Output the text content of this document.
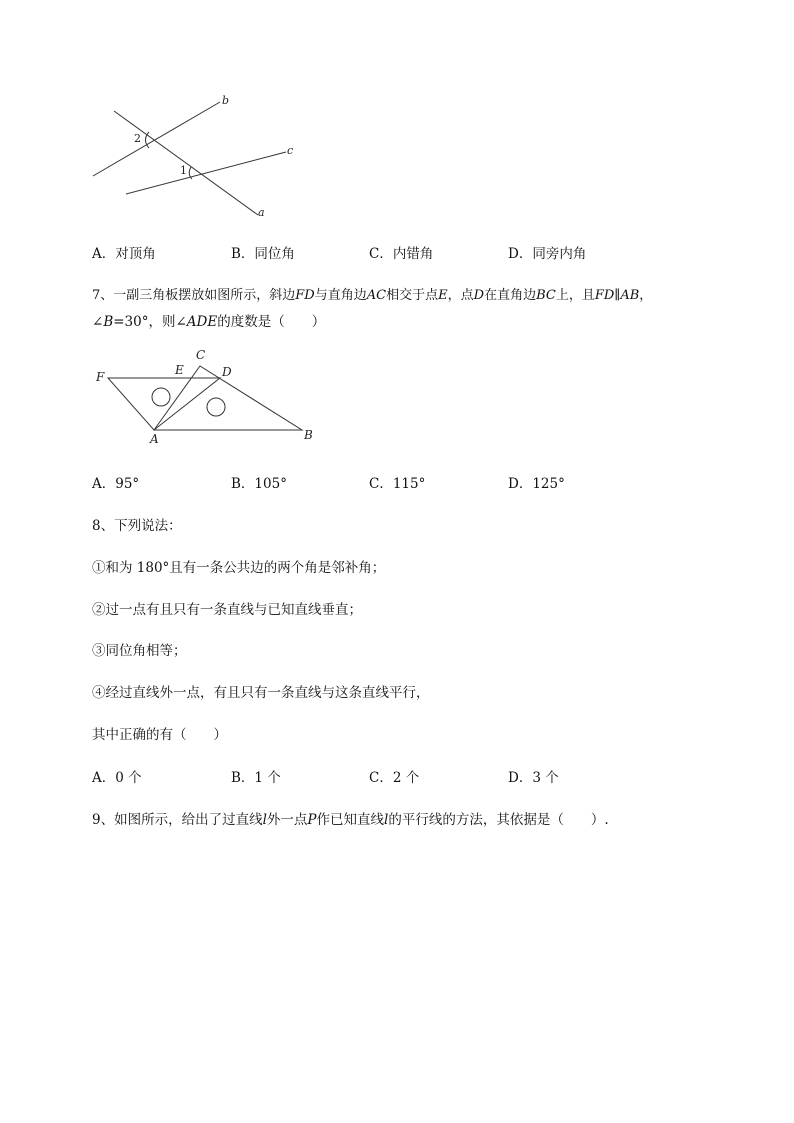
b
c
a
2
1
A．对顶角	B．同位角	C．内错角	D．同旁内角
7、一副三角板摆放如图所示，斜边FD与直角边AC相交于点E，点D在直角边BC上，且FD∥AB，
∠B=30°，则∠ADE的度数是（　　）
F	E
C
D
A	B
A．95°	B．105°	C．115°	D．125°
8、下列说法：
①和为 180°且有一条公共边的两个角是邻补角；
②过一点有且只有一条直线与已知直线垂直；
③同位角相等；
④经过直线外一点，有且只有一条直线与这条直线平行，
其中正确的有（　　）
A．0 个	B．1 个	C．2 个	D．3 个
9、如图所示，给出了过直线l外一点P作已知直线l的平行线的方法，其依据是（　　）.
